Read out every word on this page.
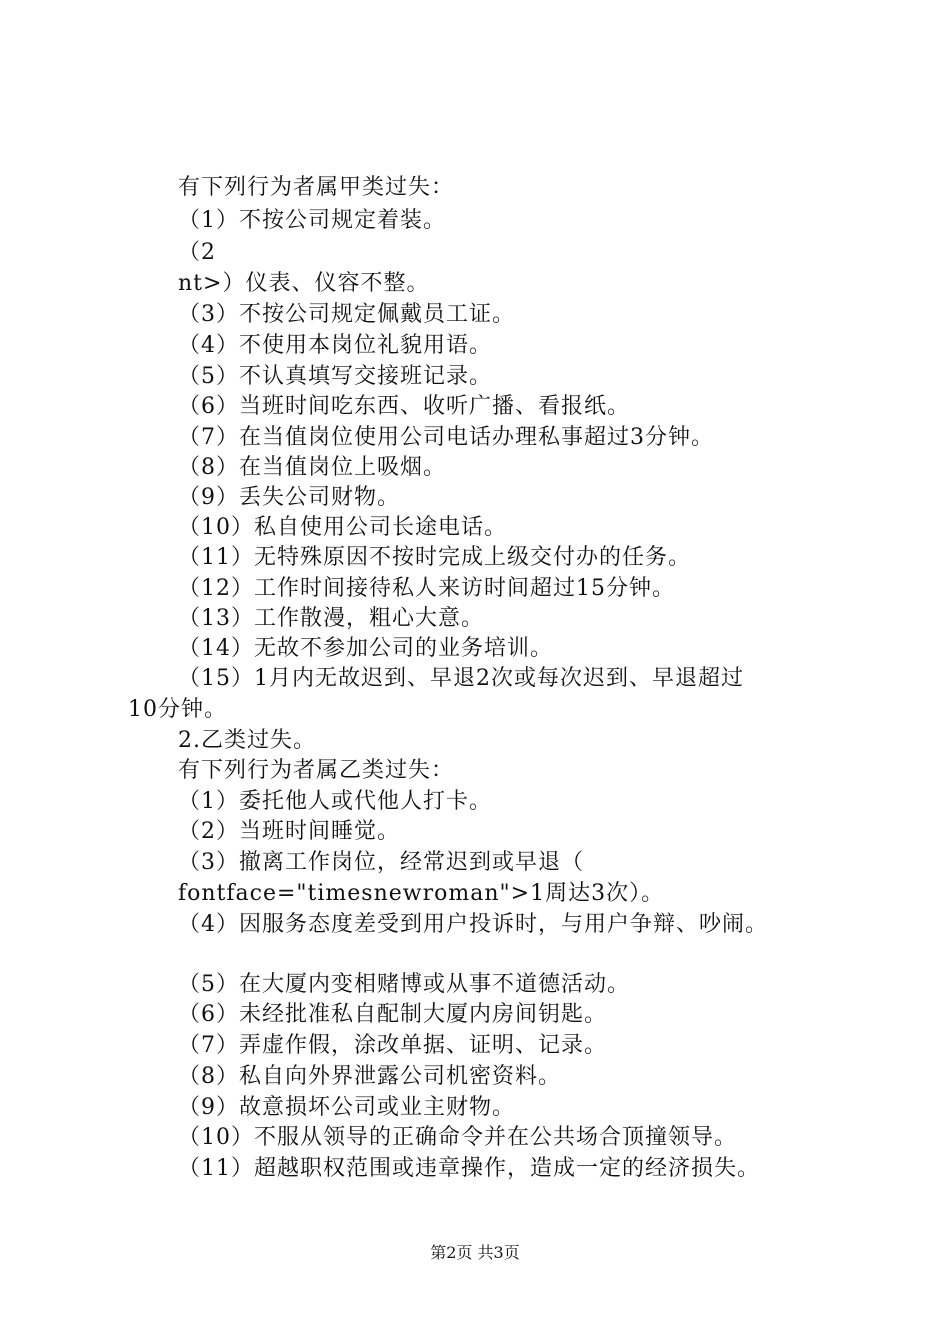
有下列行为者属甲类过失：
（1）不按公司规定着装。
（2
nt>）仪表、仪容不整。
（3）不按公司规定佩戴员工证。
（4）不使用本岗位礼貌用语。
（5）不认真填写交接班记录。
（6）当班时间吃东西、收听广播、看报纸。
（7）在当值岗位使用公司电话办理私事超过3分钟。
（8）在当值岗位上吸烟。
（9）丢失公司财物。
（10）私自使用公司长途电话。
（11）无特殊原因不按时完成上级交付办的任务。
（12）工作时间接待私人来访时间超过15分钟。
（13）工作散漫，粗心大意。
（14）无故不参加公司的业务培训。
（15）1月内无故迟到、早退2次或每次迟到、早退超过
10分钟。
2.乙类过失。
有下列行为者属乙类过失：
（1）委托他人或代他人打卡。
（2）当班时间睡觉。
（3）撤离工作岗位，经常迟到或早退（
fontface="timesnewroman">1周达3次）。
（4）因服务态度差受到用户投诉时，与用户争辩、吵闹。
（5）在大厦内变相赌博或从事不道德活动。
（6）未经批准私自配制大厦内房间钥匙。
（7）弄虚作假，涂改单据、证明、记录。
（8）私自向外界泄露公司机密资料。
（9）故意损坏公司或业主财物。
（10）不服从领导的正确命令并在公共场合顶撞领导。
（11）超越职权范围或违章操作，造成一定的经济损失。
第2页 共3页
